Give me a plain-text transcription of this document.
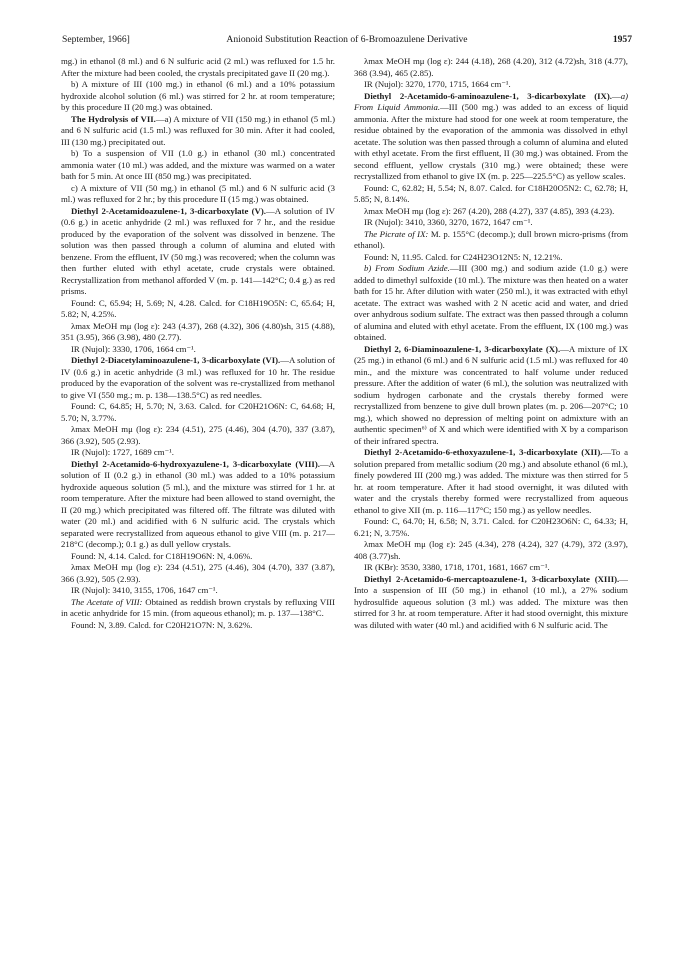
September, 1966]	Anionoid Substitution Reaction of 6-Bromoazulene Derivative	1957

mg.) in ethanol (8 ml.) and 6 N sulfuric acid (2 ml.) was refluxed for 1.5 hr. After the mixture had been cooled, the crystals precipitated gave II (20 mg.).

b) A mixture of III (100 mg.) in ethanol (6 ml.) and a 10% potassium hydroxide alcohol solution (6 ml.) was stirred for 2 hr. at room temperature; by this procedure II (20 mg.) was obtained.

The Hydrolysis of VII.—a) A mixture of VII (150 mg.) in ethanol (5 ml.) and 6 N sulfuric acid (1.5 ml.) was refluxed for 30 min. After it had cooled, III (130 mg.) precipitated out.

b) To a suspension of VII (1.0 g.) in ethanol (30 ml.) concentrated ammonia water (10 ml.) was added, and the mixture was warmed on a water bath for 5 min. At once III (850 mg.) was precipitated.

c) A mixture of VII (50 mg.) in ethanol (5 ml.) and 6 N sulfuric acid (3 ml.) was refluxed for 2 hr.; by this procedure II (15 mg.) was obtained.

Diethyl 2-Acetamidoazulene-1, 3-dicarboxylate (V).—A solution of IV (0.6 g.) in acetic anhydride (2 ml.) was refluxed for 7 hr., and the residue produced by the evaporation of the solvent was dissolved in benzene. The solution was then passed through a column of alumina and eluted with benzene. From the effluent, IV (50 mg.) was recovered; when the column was then further eluted with ethyl acetate, crude crystals were obtained. Recrystallization from methanol afforded V (m. p. 141—142°C; 0.4 g.) as red prisms.

Found: C, 65.94; H, 5.69; N, 4.28. Calcd. for C18H19O5N: C, 65.64; H, 5.82; N, 4.25%.

λmax MeOH mμ (log ε): 243 (4.37), 268 (4.32), 306 (4.80)sh, 315 (4.88), 351 (3.95), 366 (3.98), 480 (2.77).

IR (Nujol): 3330, 1706, 1664 cm⁻¹.

Diethyl 2-Diacetylaminoazulene-1, 3-dicarboxylate (VI).—A solution of IV (0.6 g.) in acetic anhydride (3 ml.) was refluxed for 10 hr. The residue produced by the evaporation of the solvent was re-crystallized from methanol to give VI (550 mg.; m. p. 138—138.5°C) as red needles.

Found: C, 64.85; H, 5.70; N, 3.63. Calcd. for C20H21O6N: C, 64.68; H, 5.70; N, 3.77%.

λmax MeOH mμ (log ε): 234 (4.51), 275 (4.46), 304 (4.70), 337 (3.87), 366 (3.92), 505 (2.93).

IR (Nujol): 1727, 1689 cm⁻¹.

Diethyl 2-Acetamido-6-hydroxyazulene-1, 3-dicarboxylate (VIII).—A solution of II (0.2 g.) in ethanol (30 ml.) was added to a 10% potassium hydroxide aqueous solution (5 ml.), and the mixture was stirred for 1 hr. at room temperature. After the mixture had been allowed to stand overnight, the II (20 mg.) which precipitated was filtered off. The filtrate was diluted with water (20 ml.) and acidified with 6 N sulfuric acid. The crystals which separated were recrystallized from aqueous ethanol to give VIII (m. p. 217—218°C (decomp.); 0.1 g.) as dull yellow crystals.

Found: N, 4.14. Calcd. for C18H19O6N: N, 4.06%.

λmax MeOH mμ (log ε): 234 (4.51), 275 (4.46), 304 (4.70), 337 (3.87), 366 (3.92), 505 (2.93).

IR (Nujol): 3410, 3155, 1706, 1647 cm⁻¹.

The Acetate of VIII: Obtained as reddish brown crystals by refluxing VIII in acetic anhydride for 15 min. (from aqueous ethanol); m. p. 137—138°C.

Found: N, 3.89. Calcd. for C20H21O7N: N, 3.62%.

λmax MeOH mμ (log ε): 244 (4.18), 268 (4.20), 312 (4.72)sh, 318 (4.77), 368 (3.94), 465 (2.85).

IR (Nujol): 3270, 1770, 1715, 1664 cm⁻¹.

Diethyl 2-Acetamido-6-aminoazulene-1, 3-dicarboxylate (IX).—a) From Liquid Ammonia.—III (500 mg.) was added to an excess of liquid ammonia. After the mixture had stood for one week at room temperature, the residue obtained by the evaporation of the ammonia was dissolved in ethyl acetate. The solution was then passed through a column of alumina and eluted with ethyl acetate. From the first effluent, II (30 mg.) was obtained. From the second effluent, yellow crystals (310 mg.) were obtained; these were recrystallized from ethanol to give IX (m. p. 225—225.5°C) as yellow scales.

Found: C, 62.82; H, 5.54; N, 8.07. Calcd. for C18H20O5N2: C, 62.78; H, 5.85; N, 8.14%.

λmax MeOH mμ (log ε): 267 (4.20), 288 (4.27), 337 (4.85), 393 (4.23).

IR (Nujol): 3410, 3360, 3270, 1672, 1647 cm⁻¹.

The Picrate of IX: M. p. 155°C (decomp.); dull brown micro-prisms (from ethanol).

Found: N, 11.95. Calcd. for C24H23O12N5: N, 12.21%.

b) From Sodium Azide.—III (300 mg.) and sodium azide (1.0 g.) were added to dimethyl sulfoxide (10 ml.). The mixture was then heated on a water bath for 15 hr. After dilution with water (250 ml.), it was extracted with ethyl acetate. The extract was washed with 2 N acetic acid and water, and dried over anhydrous sodium sulfate. The extract was then passed through a column of alumina and eluted with ethyl acetate. From the effluent, IX (100 mg.) was obtained.

Diethyl 2, 6-Diaminoazulene-1, 3-dicarboxylate (X).—A mixture of IX (25 mg.) in ethanol (6 ml.) and 6 N sulfuric acid (1.5 ml.) was refluxed for 40 min., and the mixture was concentrated to half volume under reduced pressure. After the addition of water (6 ml.), the solution was neutralized with sodium hydrogen carbonate and the crystals thereby formed were recrystallized from benzene to give dull brown plates (m. p. 206—207°C; 10 mg.), which showed no depression of melting point on admixture with an authentic specimen⁶⁾ of X and which were identified with X by a comparison of their infrared spectra.

Diethyl 2-Acetamido-6-ethoxyazulene-1, 3-dicarboxylate (XII).—To a solution prepared from metallic sodium (20 mg.) and absolute ethanol (6 ml.), finely powdered III (200 mg.) was added. The mixture was then stirred for 5 hr. at room temperature. After it had stood overnight, it was diluted with water and the crystals thereby formed were recrystallized from aqueous ethanol to give XII (m. p. 116—117°C; 150 mg.) as yellow needles.

Found: C, 64.70; H, 6.58; N, 3.71. Calcd. for C20H23O6N: C, 64.33; H, 6.21; N, 3.75%.

λmax MeOH mμ (log ε): 245 (4.34), 278 (4.24), 327 (4.79), 372 (3.97), 408 (3.77)sh.

IR (KBr): 3530, 3380, 1718, 1701, 1681, 1667 cm⁻¹.

Diethyl 2-Acetamido-6-mercaptoazulene-1, 3-dicarboxylate (XIII).—Into a suspension of III (50 mg.) in ethanol (10 ml.), a 27% sodium hydrosulfide aqueous solution (3 ml.) was added. The mixture was then stirred for 3 hr. at room temperature. After it had stood overnight, this mixture was diluted with water (40 ml.) and acidified with 6 N sulfuric acid. The
